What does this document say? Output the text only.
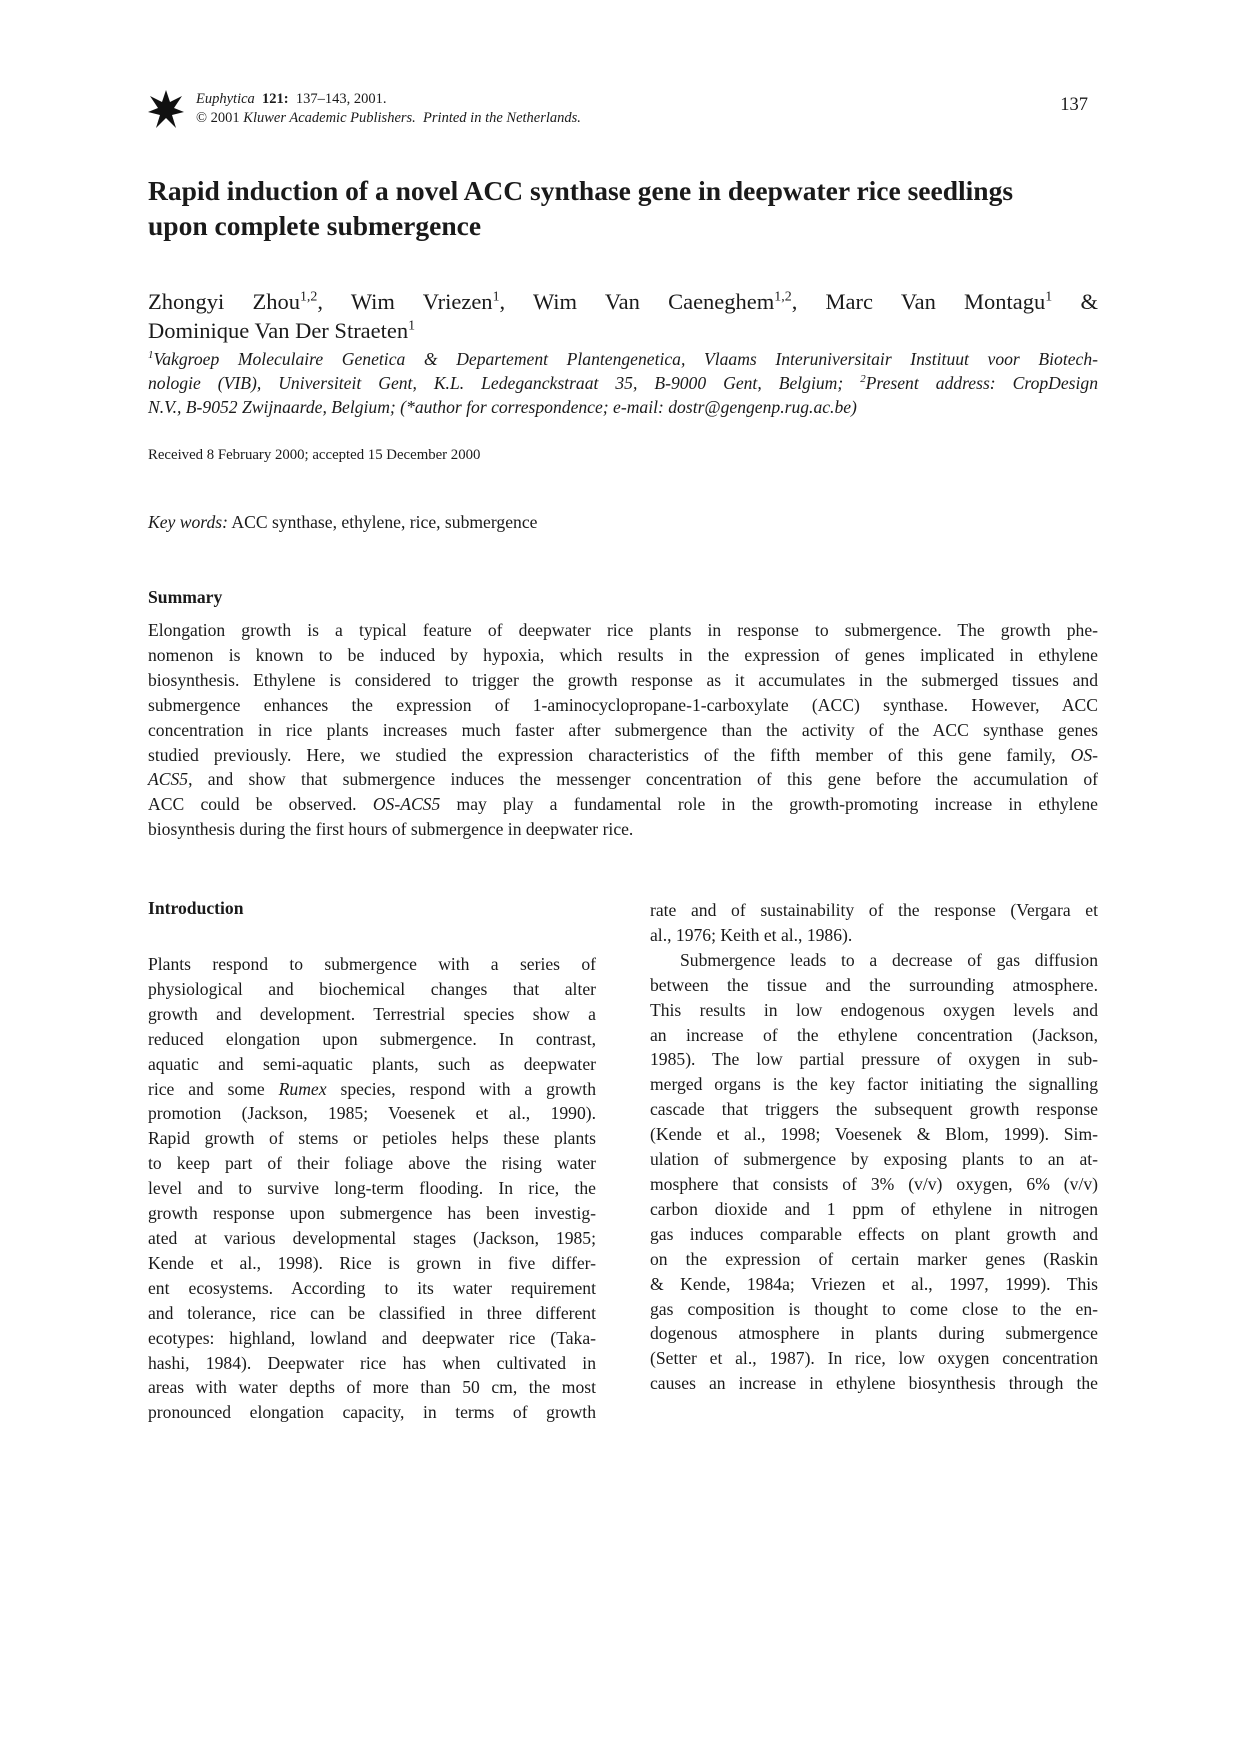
Euphytica 121: 137–143, 2001.
© 2001 Kluwer Academic Publishers. Printed in the Netherlands.
137
Rapid induction of a novel ACC synthase gene in deepwater rice seedlings
upon complete submergence
Zhongyi Zhou$^{1,2}$, Wim Vriezen$^1$, Wim Van Caeneghem$^{1,2}$, Marc Van Montagu$^1$ &
Dominique Van Der Straeten$^1$
$^1$Vakgroep Moleculaire Genetica & Departement Plantengenetica, Vlaams Interuniversitair Instituut voor Biotech-
nologie (VIB), Universiteit Gent, K.L. Ledeganckstraat 35, B-9000 Gent, Belgium; $^2$Present address: CropDesign
N.V., B-9052 Zwijnaarde, Belgium; (*author for correspondence; e-mail: dostr@gengenp.rug.ac.be)
Received 8 February 2000; accepted 15 December 2000
Key words: ACC synthase, ethylene, rice, submergence
Summary
Elongation growth is a typical feature of deepwater rice plants in response to submergence. The growth phe-
nomenon is known to be induced by hypoxia, which results in the expression of genes implicated in ethylene
biosynthesis. Ethylene is considered to trigger the growth response as it accumulates in the submerged tissues and
submergence enhances the expression of 1-aminocyclopropane-1-carboxylate (ACC) synthase. However, ACC
concentration in rice plants increases much faster after submergence than the activity of the ACC synthase genes
studied previously. Here, we studied the expression characteristics of the fifth member of this gene family, OS-
ACS5, and show that submergence induces the messenger concentration of this gene before the accumulation of
ACC could be observed. OS-ACS5 may play a fundamental role in the growth-promoting increase in ethylene
biosynthesis during the first hours of submergence in deepwater rice.
Introduction
Plants respond to submergence with a series of
physiological and biochemical changes that alter
growth and development. Terrestrial species show a
reduced elongation upon submergence. In contrast,
aquatic and semi-aquatic plants, such as deepwater
rice and some Rumex species, respond with a growth
promotion (Jackson, 1985; Voesenek et al., 1990).
Rapid growth of stems or petioles helps these plants
to keep part of their foliage above the rising water
level and to survive long-term flooding. In rice, the
growth response upon submergence has been investig-
ated at various developmental stages (Jackson, 1985;
Kende et al., 1998). Rice is grown in five differ-
ent ecosystems. According to its water requirement
and tolerance, rice can be classified in three different
ecotypes: highland, lowland and deepwater rice (Taka-
hashi, 1984). Deepwater rice has when cultivated in
areas with water depths of more than 50 cm, the most
pronounced elongation capacity, in terms of growth
rate and of sustainability of the response (Vergara et
al., 1976; Keith et al., 1986).
Submergence leads to a decrease of gas diffusion
between the tissue and the surrounding atmosphere.
This results in low endogenous oxygen levels and
an increase of the ethylene concentration (Jackson,
1985). The low partial pressure of oxygen in sub-
merged organs is the key factor initiating the signalling
cascade that triggers the subsequent growth response
(Kende et al., 1998; Voesenek & Blom, 1999). Sim-
ulation of submergence by exposing plants to an at-
mosphere that consists of 3% (v/v) oxygen, 6% (v/v)
carbon dioxide and 1 ppm of ethylene in nitrogen
gas induces comparable effects on plant growth and
on the expression of certain marker genes (Raskin
& Kende, 1984a; Vriezen et al., 1997, 1999). This
gas composition is thought to come close to the en-
dogenous atmosphere in plants during submergence
(Setter et al., 1987). In rice, low oxygen concentration
causes an increase in ethylene biosynthesis through the
